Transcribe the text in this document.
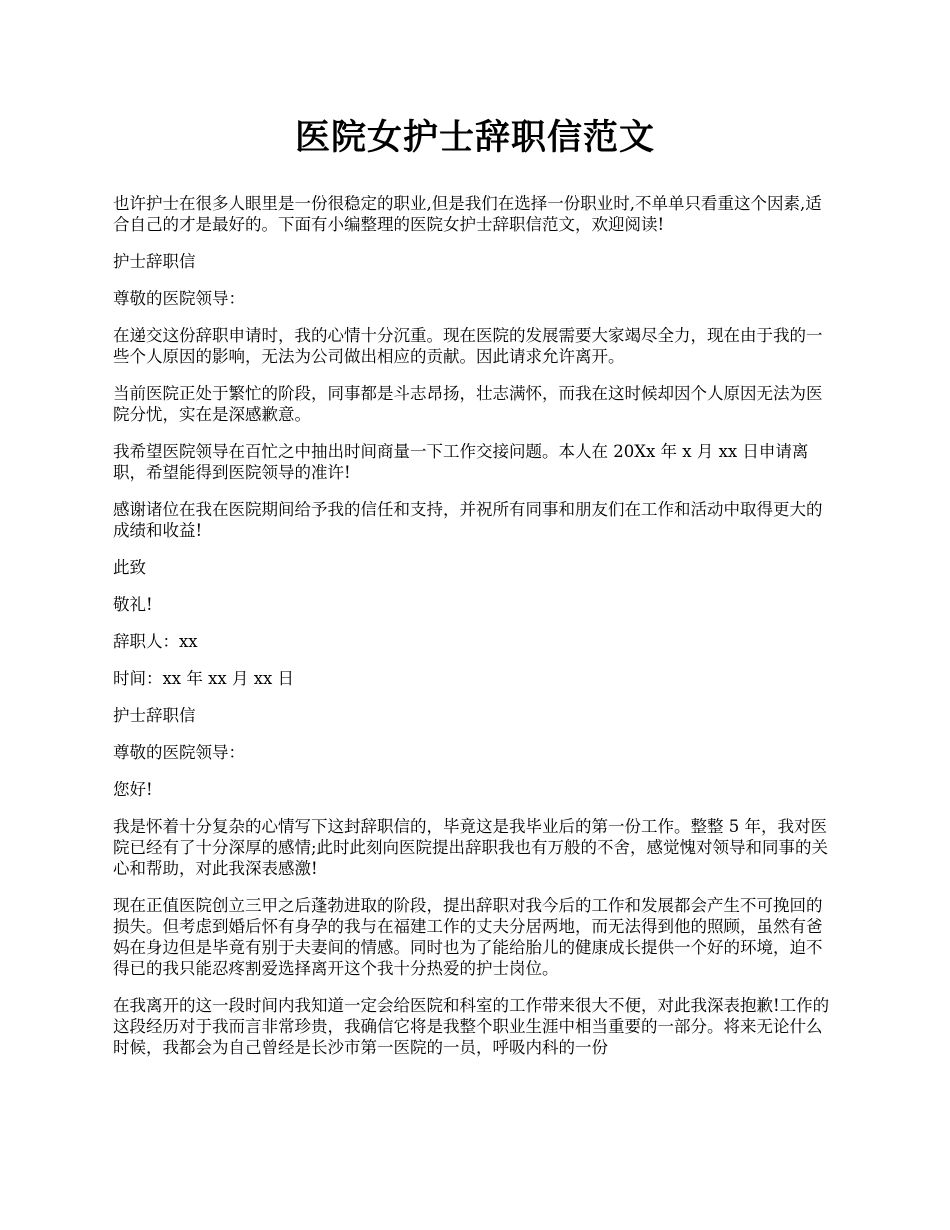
医院女护士辞职信范文

也许护士在很多人眼里是一份很稳定的职业,但是我们在选择一份职业时,不单单只看重这个因素,适合自己的才是最好的。下面有小编整理的医院女护士辞职信范文，欢迎阅读!

护士辞职信

尊敬的医院领导：

在递交这份辞职申请时，我的心情十分沉重。现在医院的发展需要大家竭尽全力，现在由于我的一些个人原因的影响，无法为公司做出相应的贡献。因此请求允许离开。

当前医院正处于繁忙的阶段，同事都是斗志昂扬，壮志满怀，而我在这时候却因个人原因无法为医院分忧，实在是深感歉意。

我希望医院领导在百忙之中抽出时间商量一下工作交接问题。本人在 20Xx 年 x 月 xx 日申请离职，希望能得到医院领导的准许!

感谢诸位在我在医院期间给予我的信任和支持，并祝所有同事和朋友们在工作和活动中取得更大的成绩和收益!

此致

敬礼!

辞职人：xx

时间：xx 年 xx 月 xx 日

护士辞职信

尊敬的医院领导：

您好!

我是怀着十分复杂的心情写下这封辞职信的，毕竟这是我毕业后的第一份工作。整整 5 年，我对医院已经有了十分深厚的感情;此时此刻向医院提出辞职我也有万般的不舍，感觉愧对领导和同事的关心和帮助，对此我深表感激!

现在正值医院创立三甲之后蓬勃进取的阶段，提出辞职对我今后的工作和发展都会产生不可挽回的损失。但考虑到婚后怀有身孕的我与在福建工作的丈夫分居两地，而无法得到他的照顾，虽然有爸妈在身边但是毕竟有别于夫妻间的情感。同时也为了能给胎儿的健康成长提供一个好的环境，迫不得已的我只能忍疼割爱选择离开这个我十分热爱的护士岗位。

在我离开的这一段时间内我知道一定会给医院和科室的工作带来很大不便，对此我深表抱歉!工作的这段经历对于我而言非常珍贵，我确信它将是我整个职业生涯中相当重要的一部分。将来无论什么时候，我都会为自己曾经是长沙市第一医院的一员，呼吸内科的一份
